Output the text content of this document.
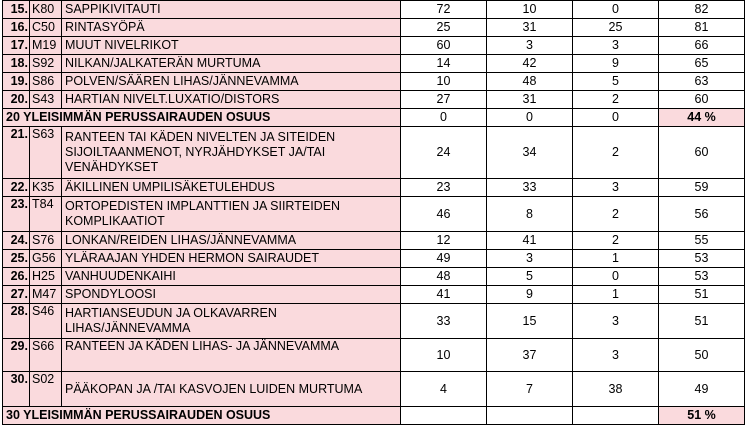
15.	K80	SAPPIKIVITAUTI	72	10	0	82
16.	C50	RINTASYÖPÄ	25	31	25	81
17.	M19	MUUT NIVELRIKOT	60	3	3	66
18.	S92	NILKAN/JALKATERÄN MURTUMA	14	42	9	65
19.	S86	POLVEN/SÄÄREN LIHAS/JÄNNEVAMMA	10	48	5	63
20.	S43	HARTIAN NIVELT.LUXATIO/DISTORS	27	31	2	60
20 YLEISIMMÄN PERUSSAIRAUDEN OSUUS			0	0	0	44 %
21.	S63	RANTEEN TAI KÄDEN NIVELTEN JA SITEIDEN SIJOILTAANMENOT, NYRJÄHDYKSET JA/TAI VENÄHDYKSET	24	34	2	60
22.	K35	ÄKILLINEN UMPILISÄKETULEHDUS	23	33	3	59
23.	T84	ORTOPEDISTEN IMPLANTTIEN JA SIIRTEIDEN KOMPLIKAATIOT	46	8	2	56
24.	S76	LONKAN/REIDEN LIHAS/JÄNNEVAMMA	12	41	2	55
25.	G56	YLÄRAAJAN YHDEN HERMON SAIRAUDET	49	3	1	53
26.	H25	VANHUUDENKAIHI	48	5	0	53
27.	M47	SPONDYLOOSI	41	9	1	51
28.	S46	HARTIANSEUDUN JA OLKAVARREN LIHAS/JÄNNEVAMMA	33	15	3	51
29.	S66	RANTEEN JA KÄDEN LIHAS- JA JÄNNEVAMMA	10	37	3	50
30.	S02	PÄÄKOPAN JA /TAI KASVOJEN LUIDEN MURTUMA	4	7	38	49
30 YLEISIMMÄN PERUSSAIRAUDEN OSUUS						51 %
